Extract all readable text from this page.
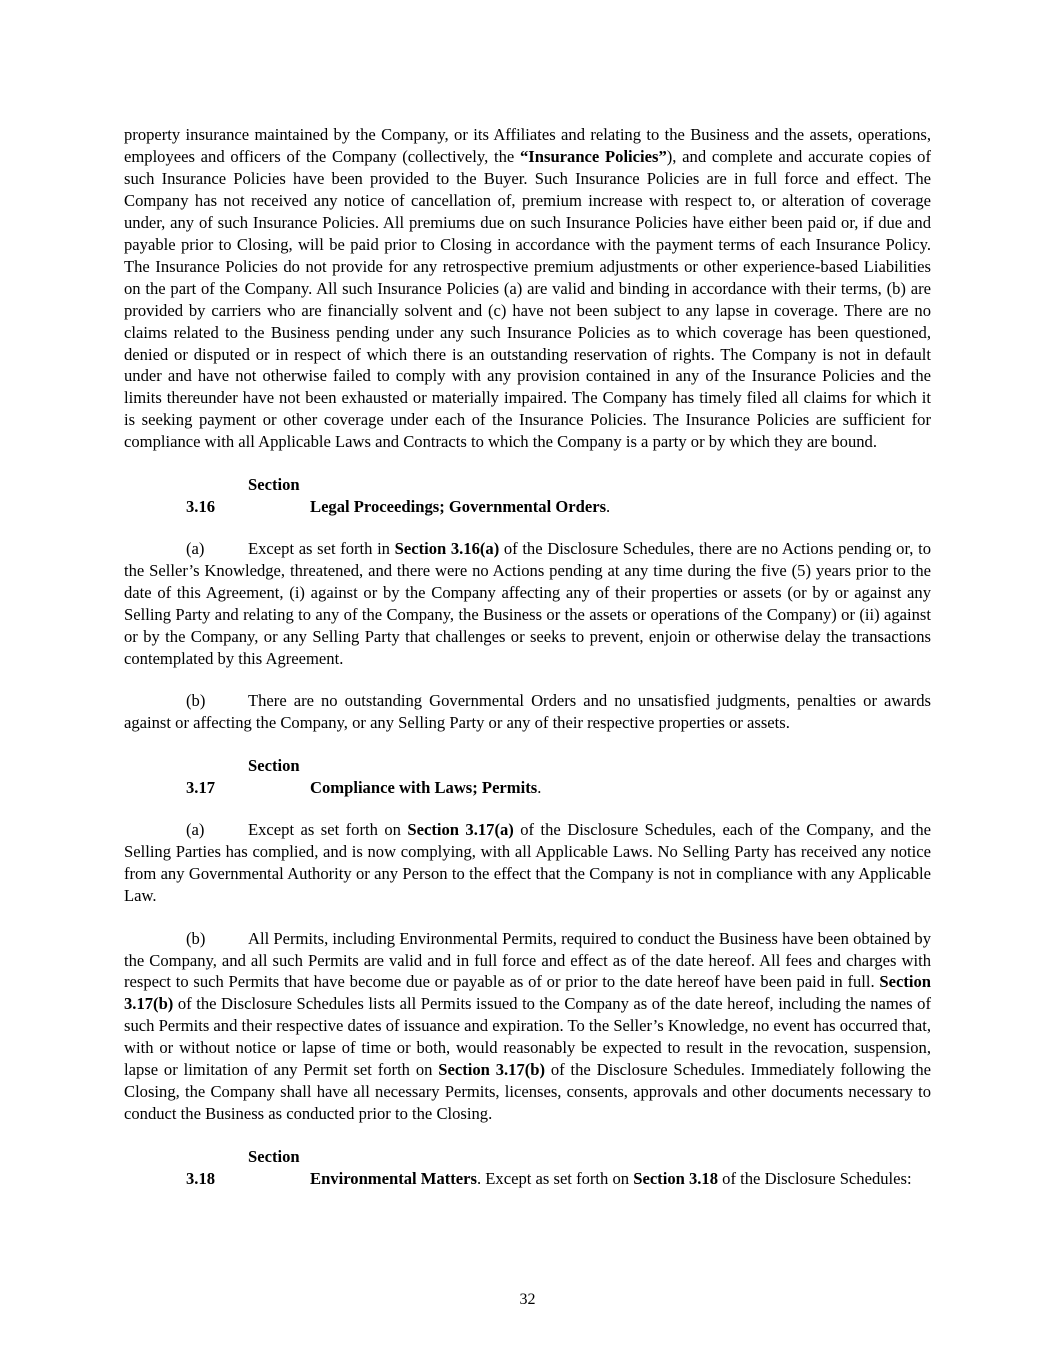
property insurance maintained by the Company, or its Affiliates and relating to the Business and the assets, operations, employees and officers of the Company (collectively, the “Insurance Policies”), and complete and accurate copies of such Insurance Policies have been provided to the Buyer. Such Insurance Policies are in full force and effect. The Company has not received any notice of cancellation of, premium increase with respect to, or alteration of coverage under, any of such Insurance Policies. All premiums due on such Insurance Policies have either been paid or, if due and payable prior to Closing, will be paid prior to Closing in accordance with the payment terms of each Insurance Policy. The Insurance Policies do not provide for any retrospective premium adjustments or other experience-based Liabilities on the part of the Company. All such Insurance Policies (a) are valid and binding in accordance with their terms, (b) are provided by carriers who are financially solvent and (c) have not been subject to any lapse in coverage. There are no claims related to the Business pending under any such Insurance Policies as to which coverage has been questioned, denied or disputed or in respect of which there is an outstanding reservation of rights. The Company is not in default under and have not otherwise failed to comply with any provision contained in any of the Insurance Policies and the limits thereunder have not been exhausted or materially impaired. The Company has timely filed all claims for which it is seeking payment or other coverage under each of the Insurance Policies. The Insurance Policies are sufficient for compliance with all Applicable Laws and Contracts to which the Company is a party or by which they are bound.

Section 3.16	Legal Proceedings; Governmental Orders.

(a)	Except as set forth in Section 3.16(a) of the Disclosure Schedules, there are no Actions pending or, to the Seller’s Knowledge, threatened, and there were no Actions pending at any time during the five (5) years prior to the date of this Agreement, (i) against or by the Company affecting any of their properties or assets (or by or against any Selling Party and relating to any of the Company, the Business or the assets or operations of the Company) or (ii) against or by the Company, or any Selling Party that challenges or seeks to prevent, enjoin or otherwise delay the transactions contemplated by this Agreement.

(b)	There are no outstanding Governmental Orders and no unsatisfied judgments, penalties or awards against or affecting the Company, or any Selling Party or any of their respective properties or assets.

Section 3.17	Compliance with Laws; Permits.

(a)	Except as set forth on Section 3.17(a) of the Disclosure Schedules, each of the Company, and the Selling Parties has complied, and is now complying, with all Applicable Laws. No Selling Party has received any notice from any Governmental Authority or any Person to the effect that the Company is not in compliance with any Applicable Law.

(b)	All Permits, including Environmental Permits, required to conduct the Business have been obtained by the Company, and all such Permits are valid and in full force and effect as of the date hereof. All fees and charges with respect to such Permits that have become due or payable as of or prior to the date hereof have been paid in full. Section 3.17(b) of the Disclosure Schedules lists all Permits issued to the Company as of the date hereof, including the names of such Permits and their respective dates of issuance and expiration. To the Seller’s Knowledge, no event has occurred that, with or without notice or lapse of time or both, would reasonably be expected to result in the revocation, suspension, lapse or limitation of any Permit set forth on Section 3.17(b) of the Disclosure Schedules. Immediately following the Closing, the Company shall have all necessary Permits, licenses, consents, approvals and other documents necessary to conduct the Business as conducted prior to the Closing.

Section 3.18	Environmental Matters. Except as set forth on Section 3.18 of the Disclosure Schedules:

32
